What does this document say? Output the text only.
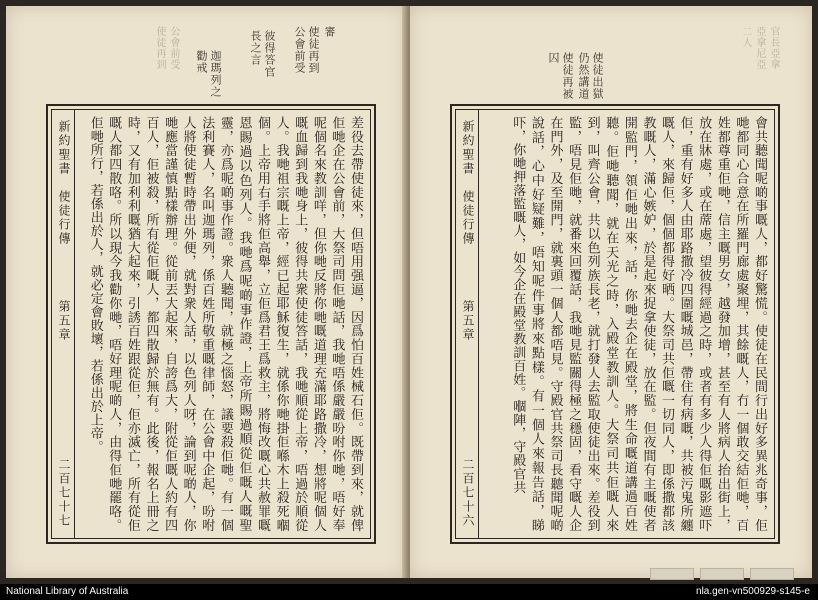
使徒再到
公會前受 審
彼得答官
長之言
迦瑪列之
勸戒
公會前受
使徒再到
新約聖書　使徒行傳
第五章
二百七十七	差役去帶使徒來，但唔用强逼，因爲怕百姓械石佢。既帶到來，就俾佢哋企在公會前，大祭司問佢哋話，我哋唔係嚴嚴吩咐你哋，唔好奉呢個名來教訓咩，但你哋反將你哋嘅道理充滿耶路撒冷，想將呢個人嘅血歸到我哋身上，彼得共衆使徒答話，我哋順從上帝，唔過於順從人。我哋祖宗嘅上帝，經已起耶穌復生，就係你哋掛佢喺木上殺死嗰個。上帝用右手將佢高舉，立佢爲君王爲救主，將悔改嘅心共赦罪嘅恩賜過以色列人。我哋爲呢啲事作證，上帝所賜過順從佢嘅人嘅聖靈，亦爲呢啲事作證。衆人聽聞，就極之惱怒，議要殺佢哋。有一個法利賽人，名叫迦瑪列，係百姓所敬重嘅律師，在公會中企起，吩咐人將使徒暫時帶出外便，就對衆人話，以色列人呀，論到呢啲人，你哋應當謹慎點樣辦理。從前丟大起來，自誇爲大，附從佢嘅人約有四百人，佢被殺，所有從佢嘅人，都四散歸於無有。此後，報名上冊之時，又有加利利嘅猶大起來，引誘百姓跟從佢，佢亦滅亡，所有從佢嘅人都四散咯。所以現今我勸你哋，唔好理呢啲人，由得佢哋罷咯。佢哋所行，若係出於人，就必定會敗壞，若係出於上帝。
使徒出獄
仍然講道
使徒再被
囚	官長亞拿
亞拿尼亞
二人
新約聖書　使徒行傳
第五章
二百七十六	會共聽聞呢啲事嘅人，都好驚慌。使徒在民間行出好多異兆奇事，佢哋都同心合意在所羅門廊處聚埋，其餘嘅人，冇一個敢交結佢哋，百姓都尊重佢哋，信主嘅男女，越發加增，甚至有人將病人抬出街上，放在牀處，或在蓆處，望彼得經過之時，或者有多少人得佢嘅影遮吓佢，重有好多人由耶路撒冷四圍嘅城邑，帶住有病嘅，共被污鬼所纏嘅人，來歸佢，個個都得好晒。大祭司共佢嘅一切同人，即係撒都該教嘅人，滿心嫉妒，於是起來捉拿使徒，放在監。但夜間有主嘅使者開監門，領佢哋出來，話，你哋去企在殿堂，將生命嘅道講過百姓聽。佢哋聽聞，就在天光之時，入殿堂教訓人。大祭司共佢嘅人來到，叫齊公會，共以色列族長老，就打發人去監取使徒出來。差役到監，唔見佢哋，就番來回覆話，我哋見監關得極之穩固，看守嘅人企在門外，及至開門，就裏頭一個人都唔見。守殿官共祭司長聽聞呢啲說話，心中好疑難，唔知呢件事將來點樣。有一個人來報告話，睇吓，你哋押落監嘅人，如今企在殿堂教訓百姓。嗰陣，守殿官共
National Library of Australia	nla.gen-vn500929-s145-e
